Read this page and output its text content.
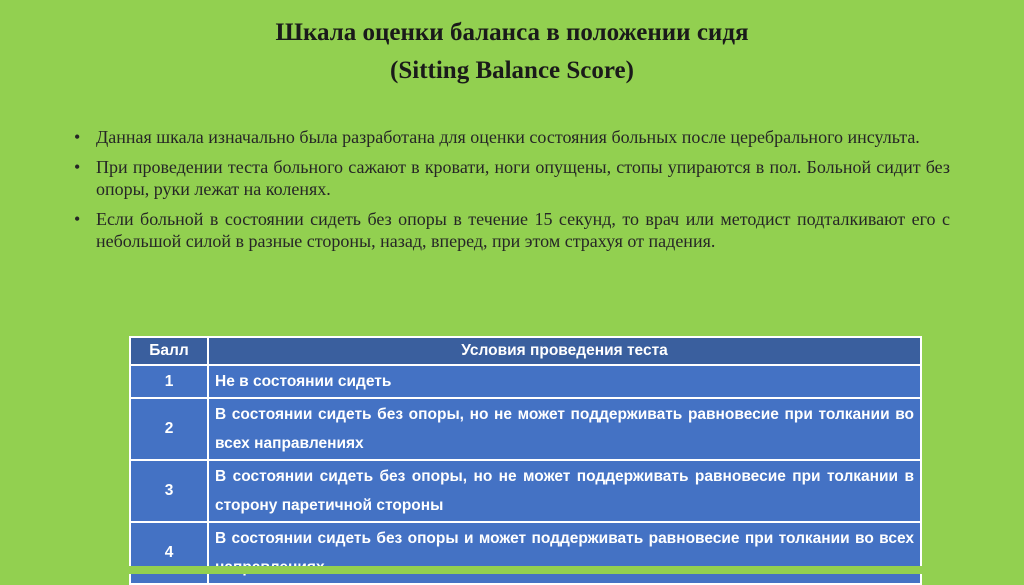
Шкала оценки баланса в положении сидя
(Sitting Balance Score)
• Данная шкала изначально была разработана для оценки состояния больных после церебрального инсульта.
• При проведении теста больного сажают в кровати, ноги опущены, стопы упираются в пол. Больной сидит без опоры, руки лежат на коленях.
• Если больной в состоянии сидеть без опоры в течение 15 секунд, то врач или методист подталкивают его с небольшой силой в разные стороны, назад, вперед, при этом страхуя от падения.
Балл	Условия проведения теста
1	Не в состоянии сидеть
2	В состоянии сидеть без опоры, но не может поддерживать равновесие при толкании во всех направлениях
3	В состоянии сидеть без опоры, но не может поддерживать равновесие при толкании в сторону паретичной стороны
4	В состоянии сидеть без опоры и может поддерживать равновесие при толкании во всех
